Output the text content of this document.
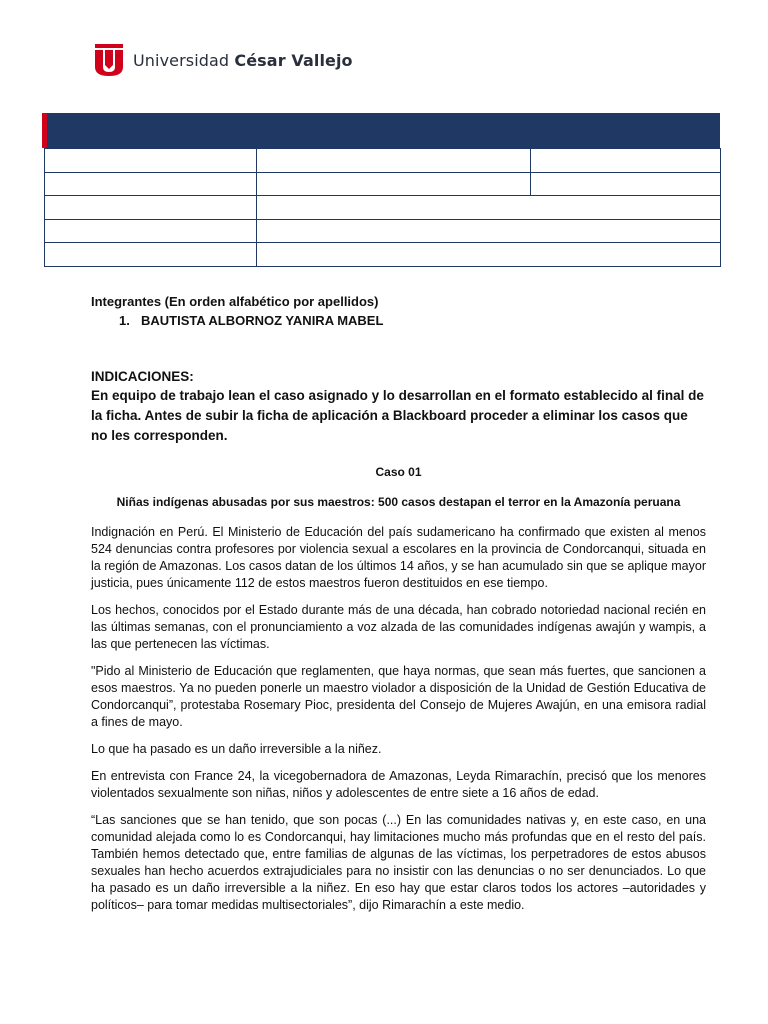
Universidad César Vallejo

Integrantes (En orden alfabético por apellidos)

1. BAUTISTA ALBORNOZ YANIRA MABEL

INDICACIONES:

En equipo de trabajo lean el caso asignado y lo desarrollan en el formato establecido al final de la ficha. Antes de subir la ficha de aplicación a Blackboard proceder a eliminar los casos que no les corresponden.

Caso 01

Niñas indígenas abusadas por sus maestros: 500 casos destapan el terror en la Amazonía peruana

Indignación en Perú. El Ministerio de Educación del país sudamericano ha confirmado que existen al menos 524 denuncias contra profesores por violencia sexual a escolares en la provincia de Condorcanqui, situada en la región de Amazonas. Los casos datan de los últimos 14 años, y se han acumulado sin que se aplique mayor justicia, pues únicamente 112 de estos maestros fueron destituidos en ese tiempo.

Los hechos, conocidos por el Estado durante más de una década, han cobrado notoriedad nacional recién en las últimas semanas, con el pronunciamiento a voz alzada de las comunidades indígenas awajún y wampis, a las que pertenecen las víctimas.

"Pido al Ministerio de Educación que reglamenten, que haya normas, que sean más fuertes, que sancionen a esos maestros. Ya no pueden ponerle un maestro violador a disposición de la Unidad de Gestión Educativa de Condorcanqui”, protestaba Rosemary Pioc, presidenta del Consejo de Mujeres Awajún, en una emisora radial a fines de mayo.

Lo que ha pasado es un daño irreversible a la niñez.

En entrevista con France 24, la vicegobernadora de Amazonas, Leyda Rimarachín, precisó que los menores violentados sexualmente son niñas, niños y adolescentes de entre siete a 16 años de edad.

“Las sanciones que se han tenido, que son pocas (...) En las comunidades nativas y, en este caso, en una comunidad alejada como lo es Condorcanqui, hay limitaciones mucho más profundas que en el resto del país. También hemos detectado que, entre familias de algunas de las víctimas, los perpetradores de estos abusos sexuales han hecho acuerdos extrajudiciales para no insistir con las denuncias o no ser denunciados. Lo que ha pasado es un daño irreversible a la niñez. En eso hay que estar claros todos los actores –autoridades y políticos– para tomar medidas multisectoriales”, dijo Rimarachín a este medio.
